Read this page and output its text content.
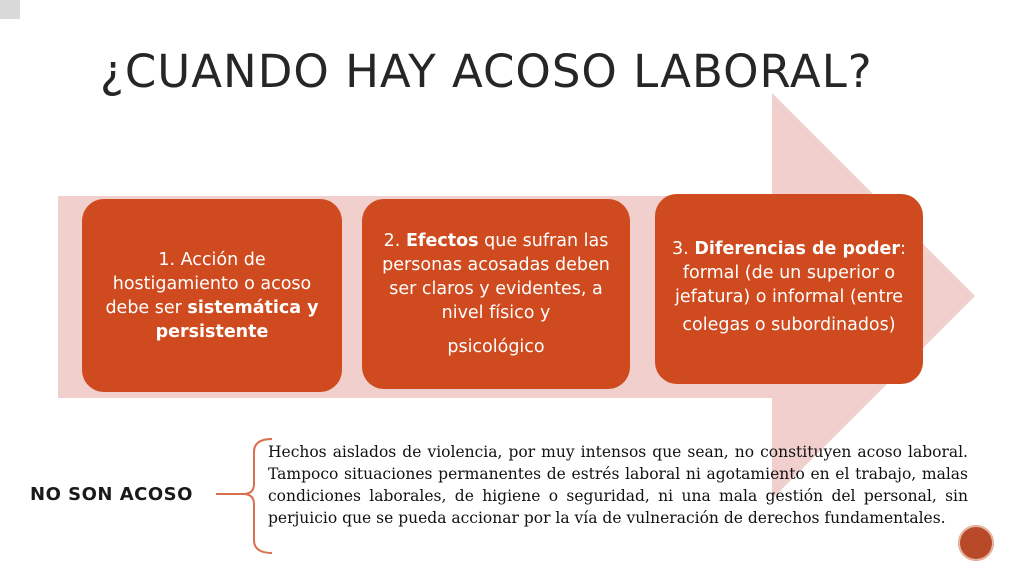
¿CUANDO HAY ACOSO LABORAL?

1. Acción de hostigamiento o acoso debe ser sistemática y persistente

2. Efectos que sufran las personas acosadas deben ser claros y evidentes, a nivel físico y

psicológico

3. Diferencias de poder: formal (de un superior o jefatura) o informal (entre

colegas o subordinados)

NO SON ACOSO
Hechos aislados de violencia, por muy intensos que sean, no constituyen acoso laboral. Tampoco situaciones permanentes de estrés laboral ni agotamiento en el trabajo, malas condiciones laborales, de higiene o seguridad, ni una mala gestión del personal, sin perjuicio que se pueda accionar por la vía de vulneración de derechos fundamentales.
